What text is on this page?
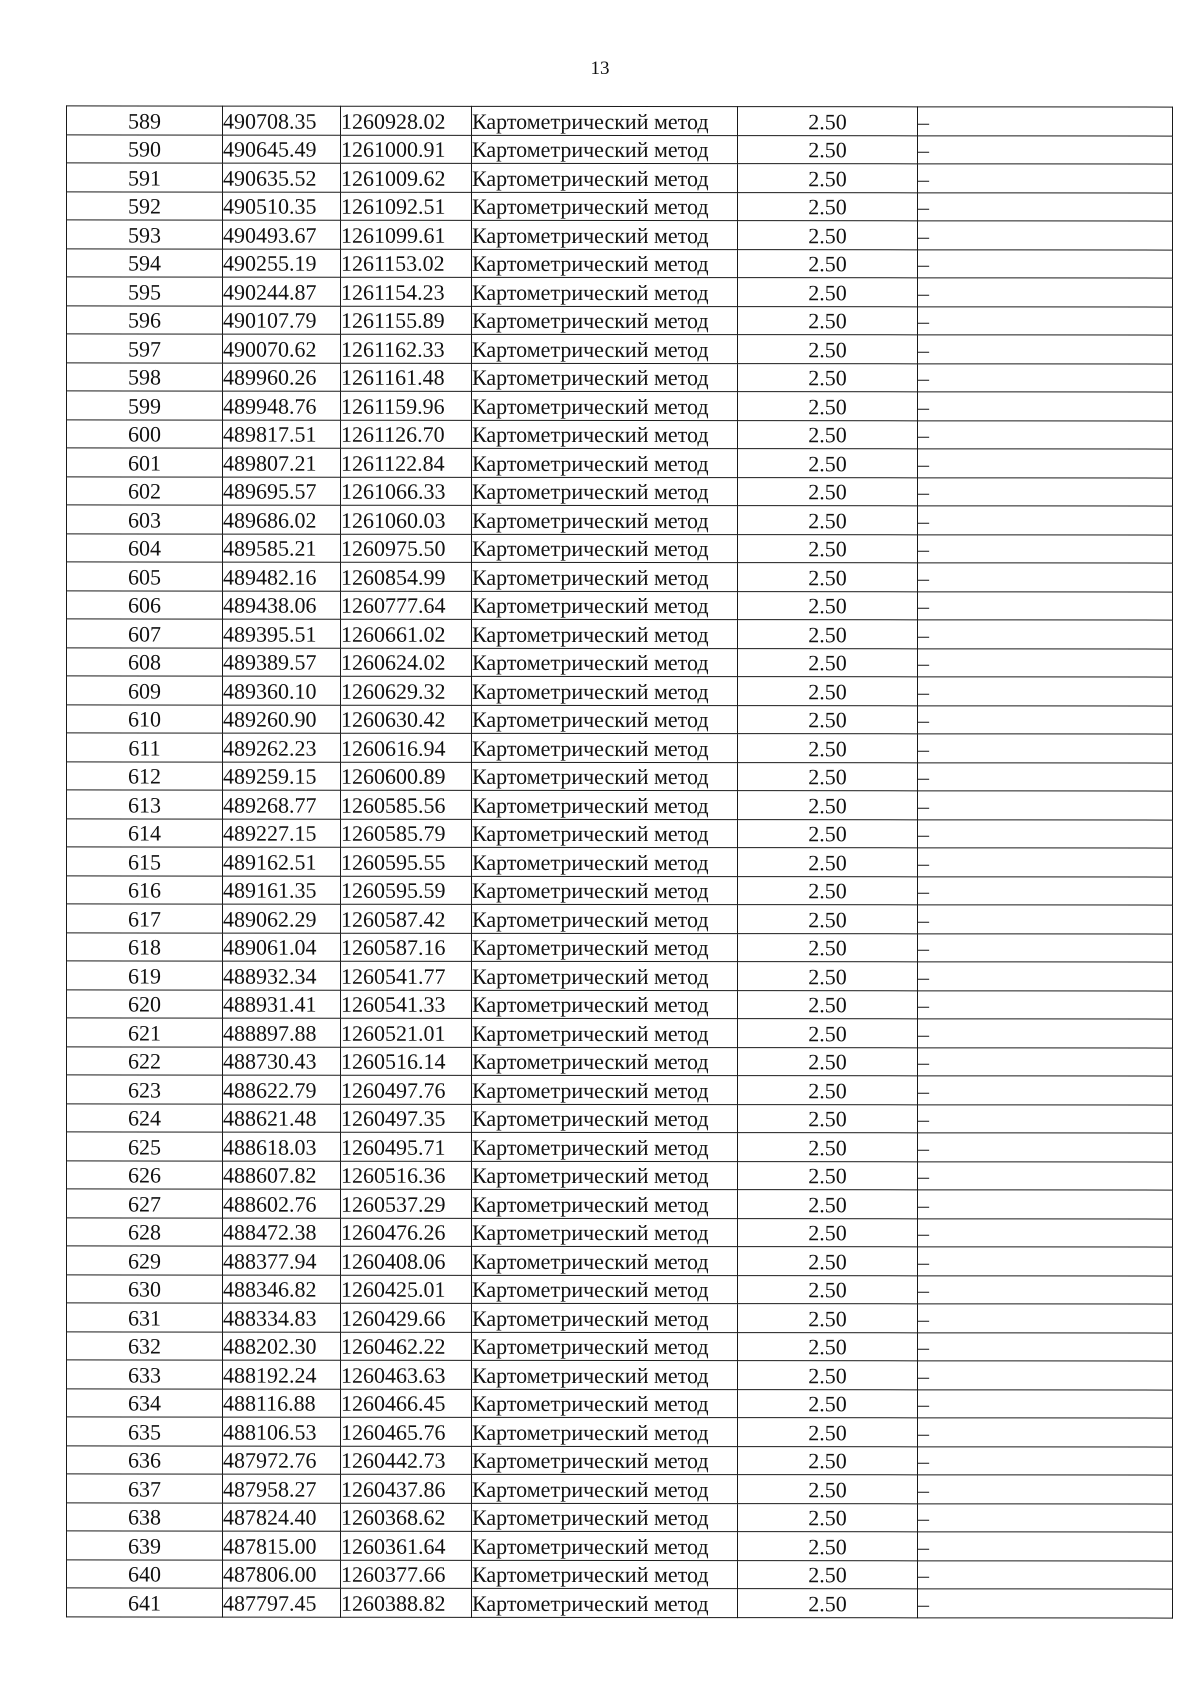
13
589	490708.35	1260928.02	Картометрический метод	2.50	–
590	490645.49	1261000.91	Картометрический метод	2.50	–
591	490635.52	1261009.62	Картометрический метод	2.50	–
592	490510.35	1261092.51	Картометрический метод	2.50	–
593	490493.67	1261099.61	Картометрический метод	2.50	–
594	490255.19	1261153.02	Картометрический метод	2.50	–
595	490244.87	1261154.23	Картометрический метод	2.50	–
596	490107.79	1261155.89	Картометрический метод	2.50	–
597	490070.62	1261162.33	Картометрический метод	2.50	–
598	489960.26	1261161.48	Картометрический метод	2.50	–
599	489948.76	1261159.96	Картометрический метод	2.50	–
600	489817.51	1261126.70	Картометрический метод	2.50	–
601	489807.21	1261122.84	Картометрический метод	2.50	–
602	489695.57	1261066.33	Картометрический метод	2.50	–
603	489686.02	1261060.03	Картометрический метод	2.50	–
604	489585.21	1260975.50	Картометрический метод	2.50	–
605	489482.16	1260854.99	Картометрический метод	2.50	–
606	489438.06	1260777.64	Картометрический метод	2.50	–
607	489395.51	1260661.02	Картометрический метод	2.50	–
608	489389.57	1260624.02	Картометрический метод	2.50	–
609	489360.10	1260629.32	Картометрический метод	2.50	–
610	489260.90	1260630.42	Картометрический метод	2.50	–
611	489262.23	1260616.94	Картометрический метод	2.50	–
612	489259.15	1260600.89	Картометрический метод	2.50	–
613	489268.77	1260585.56	Картометрический метод	2.50	–
614	489227.15	1260585.79	Картометрический метод	2.50	–
615	489162.51	1260595.55	Картометрический метод	2.50	–
616	489161.35	1260595.59	Картометрический метод	2.50	–
617	489062.29	1260587.42	Картометрический метод	2.50	–
618	489061.04	1260587.16	Картометрический метод	2.50	–
619	488932.34	1260541.77	Картометрический метод	2.50	–
620	488931.41	1260541.33	Картометрический метод	2.50	–
621	488897.88	1260521.01	Картометрический метод	2.50	–
622	488730.43	1260516.14	Картометрический метод	2.50	–
623	488622.79	1260497.76	Картометрический метод	2.50	–
624	488621.48	1260497.35	Картометрический метод	2.50	–
625	488618.03	1260495.71	Картометрический метод	2.50	–
626	488607.82	1260516.36	Картометрический метод	2.50	–
627	488602.76	1260537.29	Картометрический метод	2.50	–
628	488472.38	1260476.26	Картометрический метод	2.50	–
629	488377.94	1260408.06	Картометрический метод	2.50	–
630	488346.82	1260425.01	Картометрический метод	2.50	–
631	488334.83	1260429.66	Картометрический метод	2.50	–
632	488202.30	1260462.22	Картометрический метод	2.50	–
633	488192.24	1260463.63	Картометрический метод	2.50	–
634	488116.88	1260466.45	Картометрический метод	2.50	–
635	488106.53	1260465.76	Картометрический метод	2.50	–
636	487972.76	1260442.73	Картометрический метод	2.50	–
637	487958.27	1260437.86	Картометрический метод	2.50	–
638	487824.40	1260368.62	Картометрический метод	2.50	–
639	487815.00	1260361.64	Картометрический метод	2.50	–
640	487806.00	1260377.66	Картометрический метод	2.50	–
641	487797.45	1260388.82	Картометрический метод	2.50	–
